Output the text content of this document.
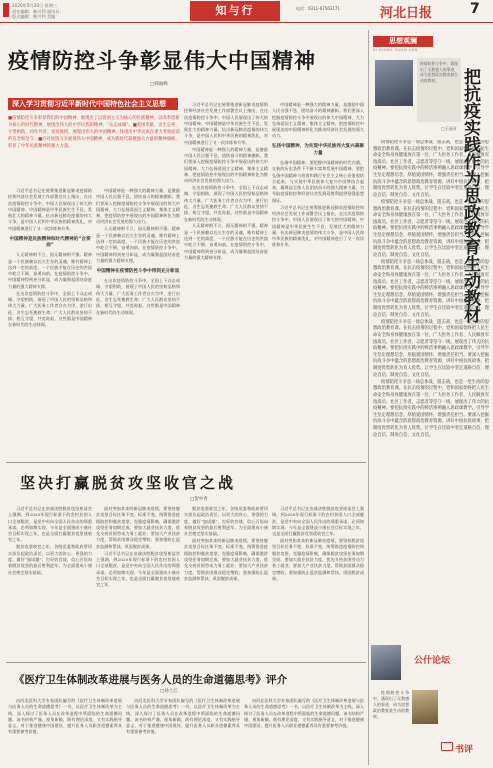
2020年5月20日 星期三
责任编辑：韩兴利 通讯员：
版式编辑：韩兴利 美编：	知与行	电话：0311-67563171	河北日报	7
疫情防控斗争彰显伟大中国精神
□韩福峰
深入学习贯彻习近平新时代中国特色社会主义思想
■疫情防控斗争彰显我们的中国精神，展现出了以爱国主义为核心的民族精神、以改革创新为核心的时代精神，展现出伟大的中华民族的精神，“众志成城”。■爱国奉献、舍生忘死、守望相助、同舟共济、星夜驰援，展现出伟大的中国精神，体现出中华民族在重大考验面前的信念和坚守。■应对疫情斗争展现伟大中国精神，成为新时代凝聚强大力量的精神旗帜，彰显了中华民族精神的强大力量。

习近平总书记在统筹推进新冠肺炎疫情防控和经济社会发展工作部署会议上指出，在这次疫情防控斗争中，中国人民展现出了伟大的中国精神。中国精神是中华民族生生不息、发展壮大的精神力量。抗击新冠肺炎疫情的伟大斗争，是中国人民和中华民族的精神洗礼，对中国精神进行了又一次淬炼和升华。

中国精神是民族精神和时代精神的“合奏曲”

人无精神则不立，国无精神则不强。精神是一个民族赖以长久生存的灵魂，唯有精神上达到一定的高度，一个民族才能在历史的洪流中屹立不倒、奋勇向前。在疫情防控斗争中，中国精神得到充分彰显，成为凝聚起团结奋进力量的强大精神支撑。

在这次疫情防控斗争中，全国上下众志成城、守望相助，展现了中国人民的坚韧品格和伟大力量。广大医务工作者白衣为甲、逆行出征，舍生忘死挽救生命；广大人民群众坚韧不拔、相互守望，共克时艰。这些都是中国精神在新时代的生动体现。

中国精神是一种强大的精神力量，是激励中国人民自强不息、团结奋斗的精神旗帜。我们要深入挖掘疫情防控斗争中展现出的伟大中国精神，大力弘扬爱国主义精神、集体主义精神，把疫情防控中展现出的中国精神转化为推动经济社会发展的强大动力。

人无精神则不立，国无精神则不强。精神是一个民族赖以长久生存的灵魂，唯有精神上达到一定的高度，一个民族才能在历史的洪流中屹立不倒、奋勇向前。在疫情防控斗争中，中国精神得到充分彰显，成为凝聚起团结奋进力量的强大精神支撑。

中国精神在疫情防控斗争中得到充分彰显

在这次疫情防控斗争中，全国上下众志成城、守望相助，展现了中国人民的坚韧品格和伟大力量。广大医务工作者白衣为甲、逆行出征，舍生忘死挽救生命；广大人民群众坚韧不拔、相互守望，共克时艰。这些都是中国精神在新时代的生动体现。

习近平总书记在统筹推进新冠肺炎疫情防控和经济社会发展工作部署会议上指出，在这次疫情防控斗争中，中国人民展现出了伟大的中国精神。中国精神是中华民族生生不息、发展壮大的精神力量。抗击新冠肺炎疫情的伟大斗争，是中国人民和中华民族的精神洗礼，对中国精神进行了又一次淬炼和升华。

中国精神是一种强大的精神力量，是激励中国人民自强不息、团结奋斗的精神旗帜。我们要深入挖掘疫情防控斗争中展现出的伟大中国精神，大力弘扬爱国主义精神、集体主义精神，把疫情防控中展现出的中国精神转化为推动经济社会发展的强大动力。

在这次疫情防控斗争中，全国上下众志成城、守望相助，展现了中国人民的坚韧品格和伟大力量。广大医务工作者白衣为甲、逆行出征，舍生忘死挽救生命；广大人民群众坚韧不拔、相互守望，共克时艰。这些都是中国精神在新时代的生动体现。

人无精神则不立，国无精神则不强。精神是一个民族赖以长久生存的灵魂，唯有精神上达到一定的高度，一个民族才能在历史的洪流中屹立不倒、奋勇向前。在疫情防控斗争中，中国精神得到充分彰显，成为凝聚起团结奋进力量的强大精神支撑。

中国精神是一种强大的精神力量，是激励中国人民自强不息、团结奋斗的精神旗帜。我们要深入挖掘疫情防控斗争中展现出的伟大中国精神，大力弘扬爱国主义精神、集体主义精神，把疫情防控中展现出的中国精神转化为推动经济社会发展的强大动力。

弘扬中国精神，为实现中华民族伟大复兴凝聚力量

弘扬中国精神，要把握中国精神的时代内涵，在新的历史条件下不断丰富和发展中国精神。要把弘扬中国精神与培育和践行社会主义核心价值观结合起来，与实现中华民族伟大复兴中国梦结合起来，凝聚起全体人民团结奋斗的强大精神力量，为夺取疫情防控和经济社会发展双胜利提供坚强思想保证。

习近平总书记在统筹推进新冠肺炎疫情防控和经济社会发展工作部署会议上指出，在这次疫情防控斗争中，中国人民展现出了伟大的中国精神。中国精神是中华民族生生不息、发展壮大的精神力量。抗击新冠肺炎疫情的伟大斗争，是中国人民和中华民族的精神洗礼，对中国精神进行了又一次淬炼和升华。

思想观澜
SI XIANG GUAN LAN
疫情防控斗争中，涌现出了无数感人的事迹，成为思想政治教育最生动的教材。	把抗疫实践作为思政教育生动教材
□王丽亚

疫情防控斗争是一场总体战、阻击战，也是一堂生动的思想政治教育课。在抗击疫情的过程中，党和国家始终把人民生命安全和身体健康放在第一位，广大医务工作者、人民解放军指战员、社区工作者、志愿者等坚守一线，展现出了伟大的抗疫精神。要把抗疫实践中的鲜活事例融入思政课教学，引导学生坚定理想信念，厚植爱国情怀，增强责任担当。要深入挖掘抗疫斗争中蕴含的思想政治教育资源，讲好中国抗疫故事，把制度优势转化为育人优势，让学生在比较中坚定道路自信、理论自信、制度自信、文化自信。

疫情防控斗争是一场总体战、阻击战，也是一堂生动的思想政治教育课。在抗击疫情的过程中，党和国家始终把人民生命安全和身体健康放在第一位，广大医务工作者、人民解放军指战员、社区工作者、志愿者等坚守一线，展现出了伟大的抗疫精神。要把抗疫实践中的鲜活事例融入思政课教学，引导学生坚定理想信念，厚植爱国情怀，增强责任担当。要深入挖掘抗疫斗争中蕴含的思想政治教育资源，讲好中国抗疫故事，把制度优势转化为育人优势，让学生在比较中坚定道路自信、理论自信、制度自信、文化自信。

疫情防控斗争是一场总体战、阻击战，也是一堂生动的思想政治教育课。在抗击疫情的过程中，党和国家始终把人民生命安全和身体健康放在第一位，广大医务工作者、人民解放军指战员、社区工作者、志愿者等坚守一线，展现出了伟大的抗疫精神。要把抗疫实践中的鲜活事例融入思政课教学，引导学生坚定理想信念，厚植爱国情怀，增强责任担当。要深入挖掘抗疫斗争中蕴含的思想政治教育资源，讲好中国抗疫故事，把制度优势转化为育人优势，让学生在比较中坚定道路自信、理论自信、制度自信、文化自信。

疫情防控斗争是一场总体战、阻击战，也是一堂生动的思想政治教育课。在抗击疫情的过程中，党和国家始终把人民生命安全和身体健康放在第一位，广大医务工作者、人民解放军指战员、社区工作者、志愿者等坚守一线，展现出了伟大的抗疫精神。要把抗疫实践中的鲜活事例融入思政课教学，引导学生坚定理想信念，厚植爱国情怀，增强责任担当。要深入挖掘抗疫斗争中蕴含的思想政治教育资源，讲好中国抗疫故事，把制度优势转化为育人优势，让学生在比较中坚定道路自信、理论自信、制度自信、文化自信。

疫情防控斗争是一场总体战、阻击战，也是一堂生动的思想政治教育课。在抗击疫情的过程中，党和国家始终把人民生命安全和身体健康放在第一位，广大医务工作者、人民解放军指战员、社区工作者、志愿者等坚守一线，展现出了伟大的抗疫精神。要把抗疫实践中的鲜活事例融入思政课教学，引导学生坚定理想信念，厚植爱国情怀，增强责任担当。要深入挖掘抗疫斗争中蕴含的思想政治教育资源，讲好中国抗疫故事，把制度优势转化为育人优势，让学生在比较中坚定道路自信、理论自信、制度自信、文化自信。

坚决打赢脱贫攻坚收官之战
□贺中青

习近平总书记在决战决胜脱贫攻坚座谈会上强调，到2020年现行标准下的农村贫困人口全部脱贫，是党中央向全国人民作出的郑重承诺，必须如期实现。今年是全面建成小康社会目标实现之年，也是全面打赢脱贫攻坚战收官之年。

脱贫攻坚收官之年，各级党委和政府要切实担负起政治责任，以更大的决心、更强的力度，做好“加试题”、打好收官战，信心百倍向着脱贫攻坚的最后胜利进军，为全面建成小康社会奠定坚实基础。

面对突如其来的新冠肺炎疫情，要坚持脱贫攻坚目标任务不变、标准不变，统筹推进疫情防控和脱贫攻坚，克服疫情影响，确保脱贫攻坚任务如期完成。要加大就业扶贫力度，优先支持贫困劳动力务工就业；要加大产业扶贫力度，帮助贫困群众稳定增收；要加强防止返贫监测和帮扶，巩固脱贫成果。

习近平总书记在决战决胜脱贫攻坚座谈会上强调，到2020年现行标准下的农村贫困人口全部脱贫，是党中央向全国人民作出的郑重承诺，必须如期实现。今年是全面建成小康社会目标实现之年，也是全面打赢脱贫攻坚战收官之年。

脱贫攻坚收官之年，各级党委和政府要切实担负起政治责任，以更大的决心、更强的力度，做好“加试题”、打好收官战，信心百倍向着脱贫攻坚的最后胜利进军，为全面建成小康社会奠定坚实基础。

面对突如其来的新冠肺炎疫情，要坚持脱贫攻坚目标任务不变、标准不变，统筹推进疫情防控和脱贫攻坚，克服疫情影响，确保脱贫攻坚任务如期完成。要加大就业扶贫力度，优先支持贫困劳动力务工就业；要加大产业扶贫力度，帮助贫困群众稳定增收；要加强防止返贫监测和帮扶，巩固脱贫成果。

习近平总书记在决战决胜脱贫攻坚座谈会上强调，到2020年现行标准下的农村贫困人口全部脱贫，是党中央向全国人民作出的郑重承诺，必须如期实现。今年是全面建成小康社会目标实现之年，也是全面打赢脱贫攻坚战收官之年。

面对突如其来的新冠肺炎疫情，要坚持脱贫攻坚目标任务不变、标准不变，统筹推进疫情防控和脱贫攻坚，克服疫情影响，确保脱贫攻坚任务如期完成。要加大就业扶贫力度，优先支持贫困劳动力务工就业；要加大产业扶贫力度，帮助贫困群众稳定增收；要加强防止返贫监测和帮扶，巩固脱贫成果。

公什论坛

疫情防控斗争中，涌现出了无数感人的事迹，成为思想政治教育最生动的教材。

书评
《医疗卫生体制改革进展与医务人员的生命道德思考》评介
□孙士江

由河北医科大学专家团队编写的《医疗卫生体制改革进展与医务人员的生命道德思考》一书，以医疗卫生体制改革为主线，深入探讨了医务人员在改革进程中所面临的生命道德问题。该书结构严谨、视角新颖，既有理论深度，又有实践指导意义，对于推进健康中国建设、提升医务人员职业道德素养具有重要参考价值。

由河北医科大学专家团队编写的《医疗卫生体制改革进展与医务人员的生命道德思考》一书，以医疗卫生体制改革为主线，深入探讨了医务人员在改革进程中所面临的生命道德问题。该书结构严谨、视角新颖，既有理论深度，又有实践指导意义，对于推进健康中国建设、提升医务人员职业道德素养具有重要参考价值。

由河北医科大学专家团队编写的《医疗卫生体制改革进展与医务人员的生命道德思考》一书，以医疗卫生体制改革为主线，深入探讨了医务人员在改革进程中所面临的生命道德问题。该书结构严谨、视角新颖，既有理论深度，又有实践指导意义，对于推进健康中国建设、提升医务人员职业道德素养具有重要参考价值。
